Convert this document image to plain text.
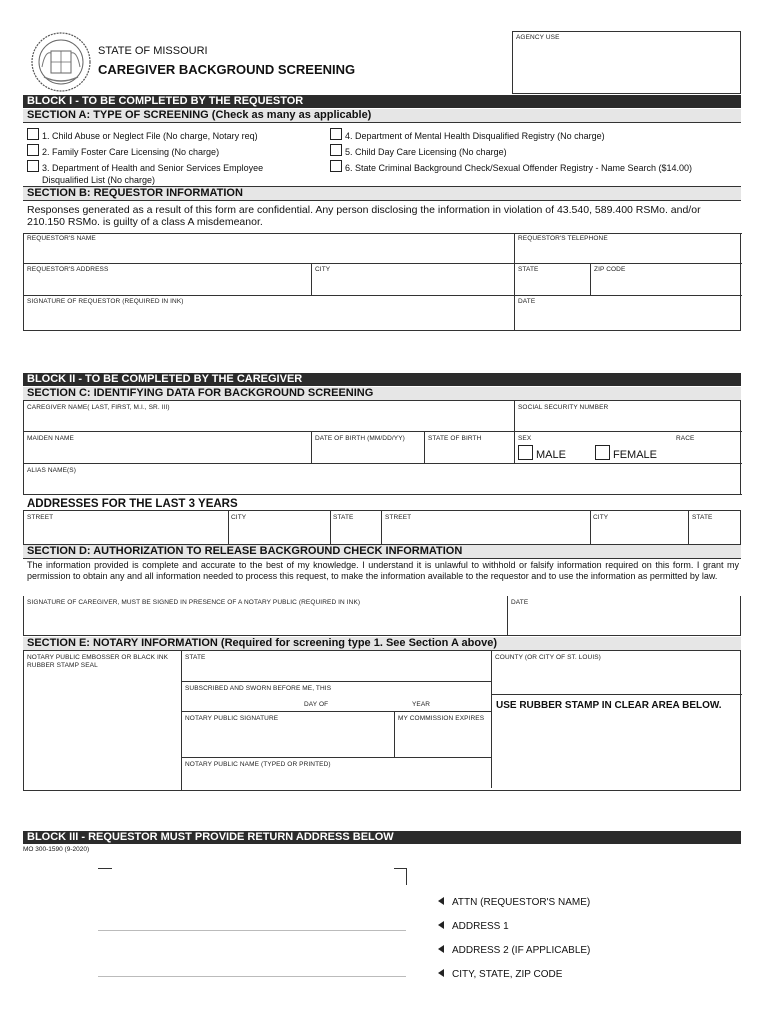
STATE OF MISSOURI
CAREGIVER BACKGROUND SCREENING
AGENCY USE
BLOCK I - TO BE COMPLETED BY THE REQUESTOR
SECTION A: TYPE OF SCREENING (Check as many as applicable)
1. Child Abuse or Neglect File (No charge, Notary req)
2. Family Foster Care Licensing (No charge)
3. Department of Health and Senior Services Employee
Disqualified List (No charge)
4. Department of Mental Health Disqualified Registry (No charge)
5. Child Day Care Licensing (No charge)
6. State Criminal Background Check/Sexual Offender Registry - Name Search ($14.00)
SECTION B: REQUESTOR INFORMATION
Responses generated as a result of this form are confidential. Any person disclosing the information in violation of 43.540, 589.400 RSMo. and/or 210.150 RSMo. is guilty of a class A misdemeanor.
REQUESTOR'S NAME	REQUESTOR'S TELEPHONE
REQUESTOR'S ADDRESS	CITY	STATE	ZIP CODE
SIGNATURE OF REQUESTOR (REQUIRED IN INK)	DATE
BLOCK II - TO BE COMPLETED BY THE CAREGIVER
SECTION C: IDENTIFYING DATA FOR BACKGROUND SCREENING
CAREGIVER NAME( LAST, FIRST, M.I., SR. III)	SOCIAL SECURITY NUMBER
MAIDEN NAME	DATE OF BIRTH (MM/DD/YY)	STATE OF BIRTH	SEX	RACE
MALE	FEMALE
ALIAS NAME(S)
ADDRESSES FOR THE LAST 3 YEARS
STREET	CITY	STATE	STREET	CITY	STATE
SECTION D: AUTHORIZATION TO RELEASE BACKGROUND CHECK INFORMATION
The information provided is complete and accurate to the best of my knowledge. I understand it is unlawful to withhold or falsify information required on this form. I grant my permission to obtain any and all information needed to process this request, to make the information available to the requestor and to use the information as permitted by law.
SIGNATURE OF CAREGIVER, MUST BE SIGNED IN PRESENCE OF A NOTARY PUBLIC (REQUIRED IN INK)	DATE
SECTION E: NOTARY INFORMATION (Required for screening type 1. See Section A above)
NOTARY PUBLIC EMBOSSER OR BLACK INK RUBBER STAMP SEAL
STATE	COUNTY (OR CITY OF ST. LOUIS)
SUBSCRIBED AND SWORN BEFORE ME, THIS
DAY OF	YEAR	USE RUBBER STAMP IN CLEAR AREA BELOW.
NOTARY PUBLIC SIGNATURE	MY COMMISSION EXPIRES
NOTARY PUBLIC NAME (TYPED OR PRINTED)
BLOCK III - REQUESTOR MUST PROVIDE RETURN ADDRESS BELOW
MO 300-1590 (9-2020)
ATTN (REQUESTOR'S NAME)
ADDRESS 1
ADDRESS 2 (IF APPLICABLE)
CITY, STATE, ZIP CODE
